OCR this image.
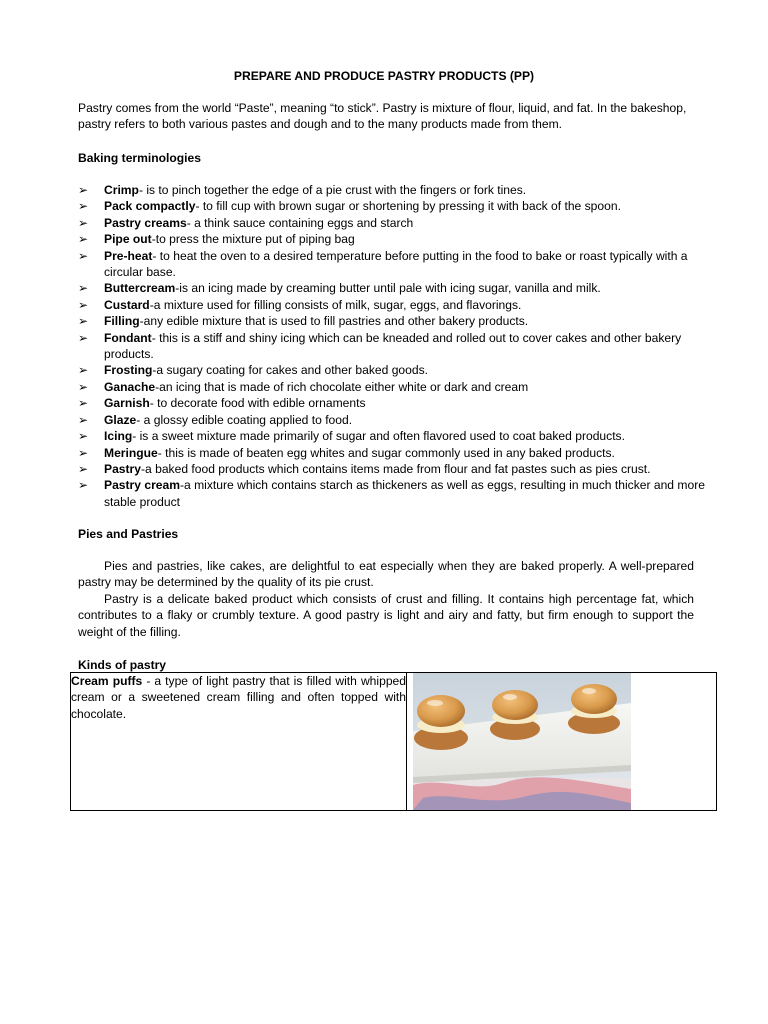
PREPARE AND PRODUCE PASTRY PRODUCTS (PP)
Pastry comes from the world “Paste”, meaning “to stick”. Pastry is mixture of flour, liquid, and fat. In the bakeshop, pastry refers to both various pastes and dough and to the many products made from them.
Baking terminologies
➢ Crimp- is to pinch together the edge of a pie crust with the fingers or fork tines.
➢ Pack compactly- to fill cup with brown sugar or shortening by pressing it with back of the spoon.
➢ Pastry creams- a think sauce containing eggs and starch
➢ Pipe out-to press the mixture put of piping bag
➢ Pre-heat- to heat the oven to a desired temperature before putting in the food to bake or roast typically with a circular base.
➢ Buttercream-is an icing made by creaming butter until pale with icing sugar, vanilla and milk.
➢ Custard-a mixture used for filling consists of milk, sugar, eggs, and flavorings.
➢ Filling-any edible mixture that is used to fill pastries and other bakery products.
➢ Fondant- this is a stiff and shiny icing which can be kneaded and rolled out to cover cakes and other bakery products.
➢ Frosting-a sugary coating for cakes and other baked goods.
➢ Ganache-an icing that is made of rich chocolate either white or dark and cream
➢ Garnish- to decorate food with edible ornaments
➢ Glaze- a glossy edible coating applied to food.
➢ Icing- is a sweet mixture made primarily of sugar and often flavored used to coat baked products.
➢ Meringue- this is made of beaten egg whites and sugar commonly used in any baked products.
➢ Pastry-a baked food products which contains items made from flour and fat pastes such as pies crust.
➢ Pastry cream-a mixture which contains starch as thickeners as well as eggs, resulting in much thicker and more stable product
Pies and Pastries

Pies and pastries, like cakes, are delightful to eat especially when they are baked properly. A well-prepared pastry may be determined by the quality of its pie crust.

Pastry is a delicate baked product which consists of crust and filling. It contains high percentage fat, which contributes to a flaky or crumbly texture. A good pastry is light and airy and fatty, but firm enough to support the weight of the filling.

Kinds of pastry
Cream puffs - a type of light pastry that is filled with whipped cream or a sweetened cream filling and often topped with chocolate.	
